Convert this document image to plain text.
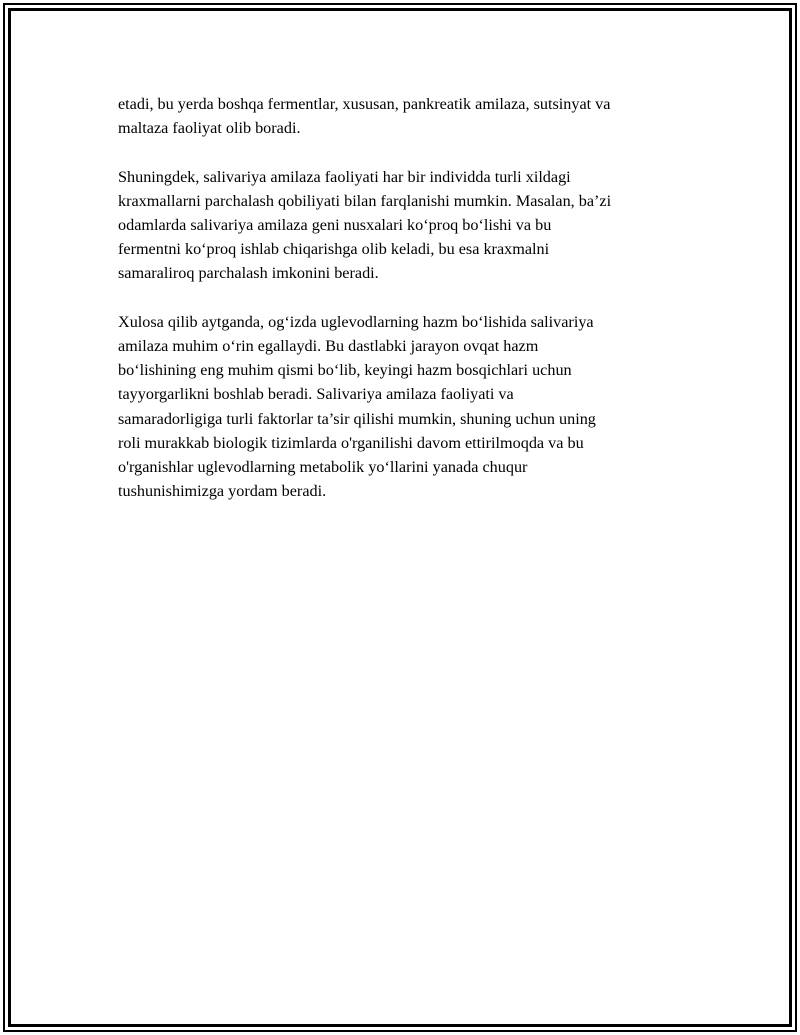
etadi, bu yerda boshqa fermentlar, xususan, pankreatik amilaza, sutsinyat va
maltaza faoliyat olib boradi.

Shuningdek, salivariya amilaza faoliyati har bir individda turli xildagi
kraxmallarni parchalash qobiliyati bilan farqlanishi mumkin. Masalan, ba’zi
odamlarda salivariya amilaza geni nusxalari ko‘proq bo‘lishi va bu
fermentni ko‘proq ishlab chiqarishga olib keladi, bu esa kraxmalni
samaraliroq parchalash imkonini beradi.

Xulosa qilib aytganda, og‘izda uglevodlarning hazm bo‘lishida salivariya
amilaza muhim o‘rin egallaydi. Bu dastlabki jarayon ovqat hazm
bo‘lishining eng muhim qismi bo‘lib, keyingi hazm bosqichlari uchun
tayyorgarlikni boshlab beradi. Salivariya amilaza faoliyati va
samaradorligiga turli faktorlar ta’sir qilishi mumkin, shuning uchun uning
roli murakkab biologik tizimlarda o'rganilishi davom ettirilmoqda va bu
o'rganishlar uglevodlarning metabolik yo‘llarini yanada chuqur
tushunishimizga yordam beradi.
